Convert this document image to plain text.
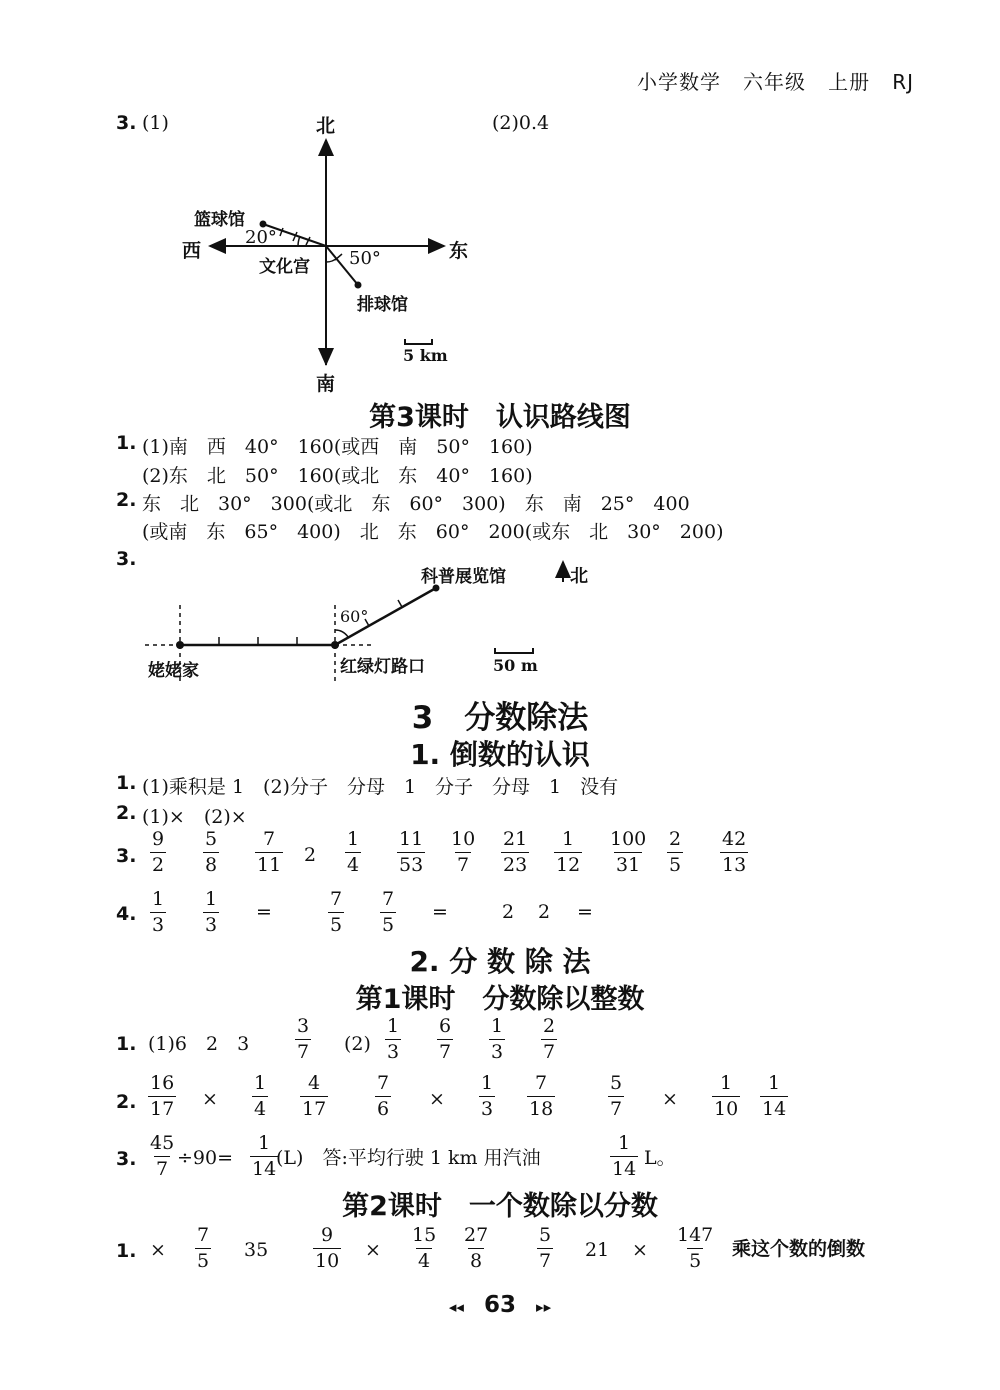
小学数学 六年级 上册 RJ
3. (1)	(2)0.4
北
南
东
西
篮球馆
20°
文化宫 50°
排球馆
5 km
第3课时　认识路线图
1. (1)南　西　40°　160(或西　南　50°　160)
(2)东　北　50°　160(或北　东　40°　160)
2. 东　北　30°　300(或北　东　60°　300)　东　南　25°　400
(或南　东　65°　400)　北　东　60°　200(或东　北　30°　200)
3.
科普展览馆	北
60°
姥姥家	红绿灯路口	50 m
3　分数除法
1. 倒数的认识
1. (1)乘积是 1　(2)分子　分母　1　分子　分母　1　没有
2. (1)×　(2)×
3. $\frac{9}{2} \frac{5}{8} \frac{7}{11} 2 \frac{1}{4} \frac{11}{53} \frac{10}{7} \frac{21}{23} \frac{1}{12} \frac{100}{31} \frac{2}{5} \frac{42}{13}$
4. $\frac{1}{3} \frac{1}{3}$ =	$\frac{7}{5} \frac{7}{5}$ =	2 2 =
2. 分 数 除 法
第1课时　分数除以整数
1. (1)6　2　$3 \frac{3}{7} (2) \frac{1}{3} \frac{6}{7} \frac{1}{3} \frac{2}{7}$
2. $\frac{16}{17} \times \frac{1}{4} \frac{4}{17} \frac{7}{6} \times \frac{1}{3} \frac{7}{18}$	$\frac{5}{7} \times \frac{1}{10} \frac{1}{14}$
3. $\frac{45}{7} \div 90= \frac{1}{14}$
(L)　答:平均行驶 1 km 用汽油	$\frac{1}{14}$ L。
第2课时　一个数除以分数
1. × $\frac{7}{5} 35 \frac{9}{10} \times \frac{15}{4} \frac{27}{8} \frac{5}{7} 21 \times \frac{147}{5}$ 乘这个数的倒数
◂◂ 63 ▸▸
